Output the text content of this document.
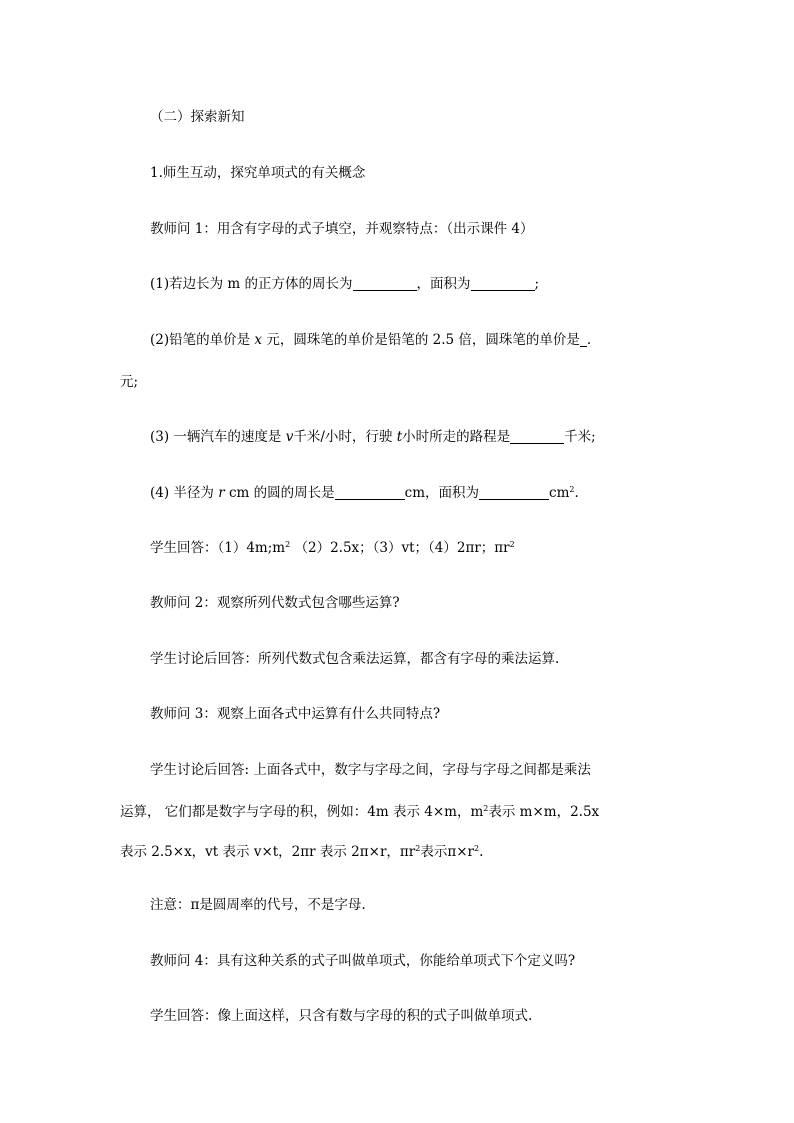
（二）探索新知
1.师生互动，探究单项式的有关概念
教师问 1：用含有字母的式子填空，并观察特点：（出示课件 4）
(1)若边长为 m 的正方体的周长为	，面积为	;
(2)铅笔的单价是 x 元，圆珠笔的单价是铅笔的 2.5 倍，圆珠笔的单价是 .
元;
(3) 一辆汽车的速度是 v千米/小时，行驶 t小时所走的路程是	千米;
(4) 半径为 r cm 的圆的周长是	cm，面积为	$cm^2$.
学生回答：$(1)4m;m^2$ （2）2.5x；（3）vt；（4）2πr；$\pi r^2$
教师问 2：观察所列代数式包含哪些运算?
学生讨论后回答：所列代数式包含乘法运算，都含有字母的乘法运算.
教师问 3：观察上面各式中运算有什么共同特点?
学生讨论后回答: 上面各式中，数字与字母之间，字母与字母之间都是乘法
运算， 它们都是数字与字母的积，例如：4m 表示 4×m，$m^2$表示 m×m，2.5x
表示 2.5×x，vt 表示 v×t，2πr 表示 2π×r，$\pi r^2$表示$\pi\times r^2$.
注意：π是圆周率的代号，不是字母.
教师问 4：具有这种关系的式子叫做单项式，你能给单项式下个定义吗?
学生回答：像上面这样，只含有数与字母的积的式子叫做单项式.
